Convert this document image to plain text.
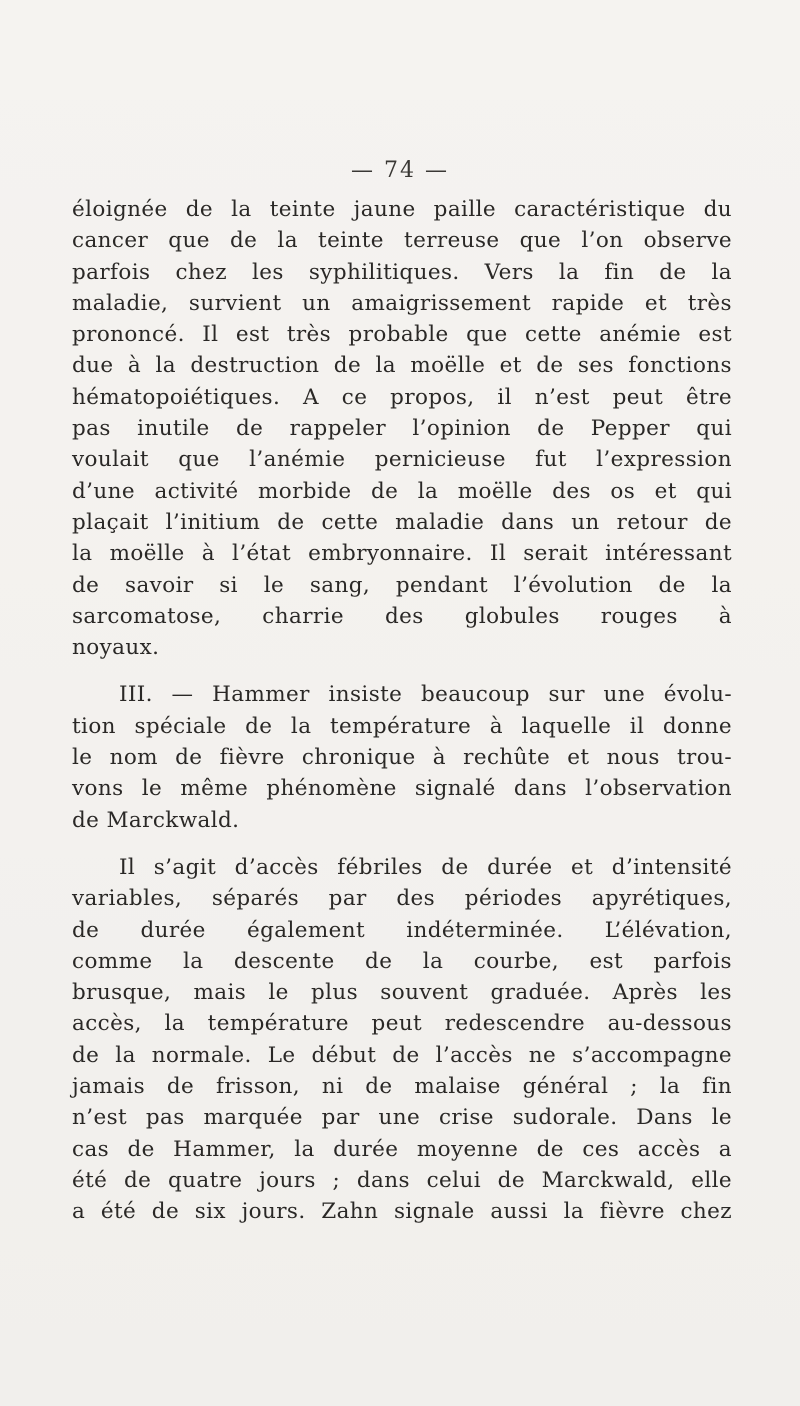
— 74 —
éloignée de la teinte jaune paille caractéristique du
cancer que de la teinte terreuse que l’on observe
parfois chez les syphilitiques. Vers la fin de la
maladie, survient un amaigrissement rapide et très
prononcé. Il est très probable que cette anémie est
due à la destruction de la moëlle et de ses fonctions
hématopoiétiques. A ce propos, il n’est peut être
pas inutile de rappeler l’opinion de Pepper qui
voulait que l’anémie pernicieuse fut l’expression
d’une activité morbide de la moëlle des os et qui
plaçait l’initium de cette maladie dans un retour de
la moëlle à l’état embryonnaire. Il serait intéressant
de savoir si le sang, pendant l’évolution de la
sarcomatose, charrie des globules rouges à
noyaux.
III. — Hammer insiste beaucoup sur une évolu-
tion spéciale de la température à laquelle il donne
le nom de fièvre chronique à rechûte et nous trou-
vons le même phénomène signalé dans l’observation
de Marckwald.
Il s’agit d’accès fébriles de durée et d’intensité
variables, séparés par des périodes apyrétiques,
de durée également indéterminée. L’élévation,
comme la descente de la courbe, est parfois
brusque, mais le plus souvent graduée. Après les
accès, la température peut redescendre au-dessous
de la normale. Le début de l’accès ne s’accompagne
jamais de frisson, ni de malaise général ; la fin
n’est pas marquée par une crise sudorale. Dans le
cas de Hammer, la durée moyenne de ces accès a
été de quatre jours ; dans celui de Marckwald, elle
a été de six jours. Zahn signale aussi la fièvre chez
